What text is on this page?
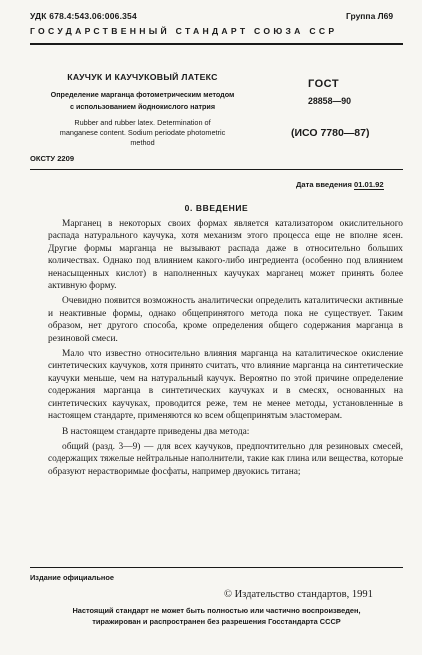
УДК 678.4:543.06:006.354	Группа Л69
ГОСУДАРСТВЕННЫЙ СТАНДАРТ СОЮЗА ССР
КАУЧУК И КАУЧУКОВЫЙ ЛАТЕКС
Определение марганца фотометрическим методом
с использованием йоднокислого натрия
Rubber and rubber latex. Determination of
manganese content. Sodium periodate photometric
method
ОКСТУ 2209
ГОСТ
28858—90
(ИСО 7780—87)
Дата введения 01.01.92
0. ВВЕДЕНИЕ

Марганец в некоторых своих формах является катализатором окислительного распада натурального каучука, хотя механизм этого процесса еще не вполне ясен. Другие формы марганца не вызывают распада даже в относительно больших количествах. Однако под влиянием какого-либо ингредиента (особенно под влиянием ненасыщенных кислот) в наполненных каучуках марганец может принять более активную форму.

Очевидно появится возможность аналитически определить каталитически активные и неактивные формы, однако общепринятого метода пока не существует. Таким образом, нет другого способа, кроме определения общего содержания марганца в резиновой смеси.

Мало что известно относительно влияния марганца на каталитическое окисление синтетических каучуков, хотя принято считать, что влияние марганца на синтетические каучуки меньше, чем на натуральный каучук. Вероятно по этой причине определение содержания марганца в синтетических каучуках и в смесях, основанных на синтетических каучуках, проводится реже, тем не менее методы, установленные в настоящем стандарте, применяются ко всем общепринятым эластомерам.

В настоящем стандарте приведены два метода:

общий (разд. 3—9) — для всех каучуков, предпочтительно для резиновых смесей, содержащих тяжелые нейтральные наполнители, такие как глина или вещества, которые образуют нерастворимые фосфаты, например двуокись титана;

Издание официальное
© Издательство стандартов, 1991
Настоящий стандарт не может быть полностью или частично воспроизведен,
тиражирован и распространен без разрешения Госстандарта СССР
